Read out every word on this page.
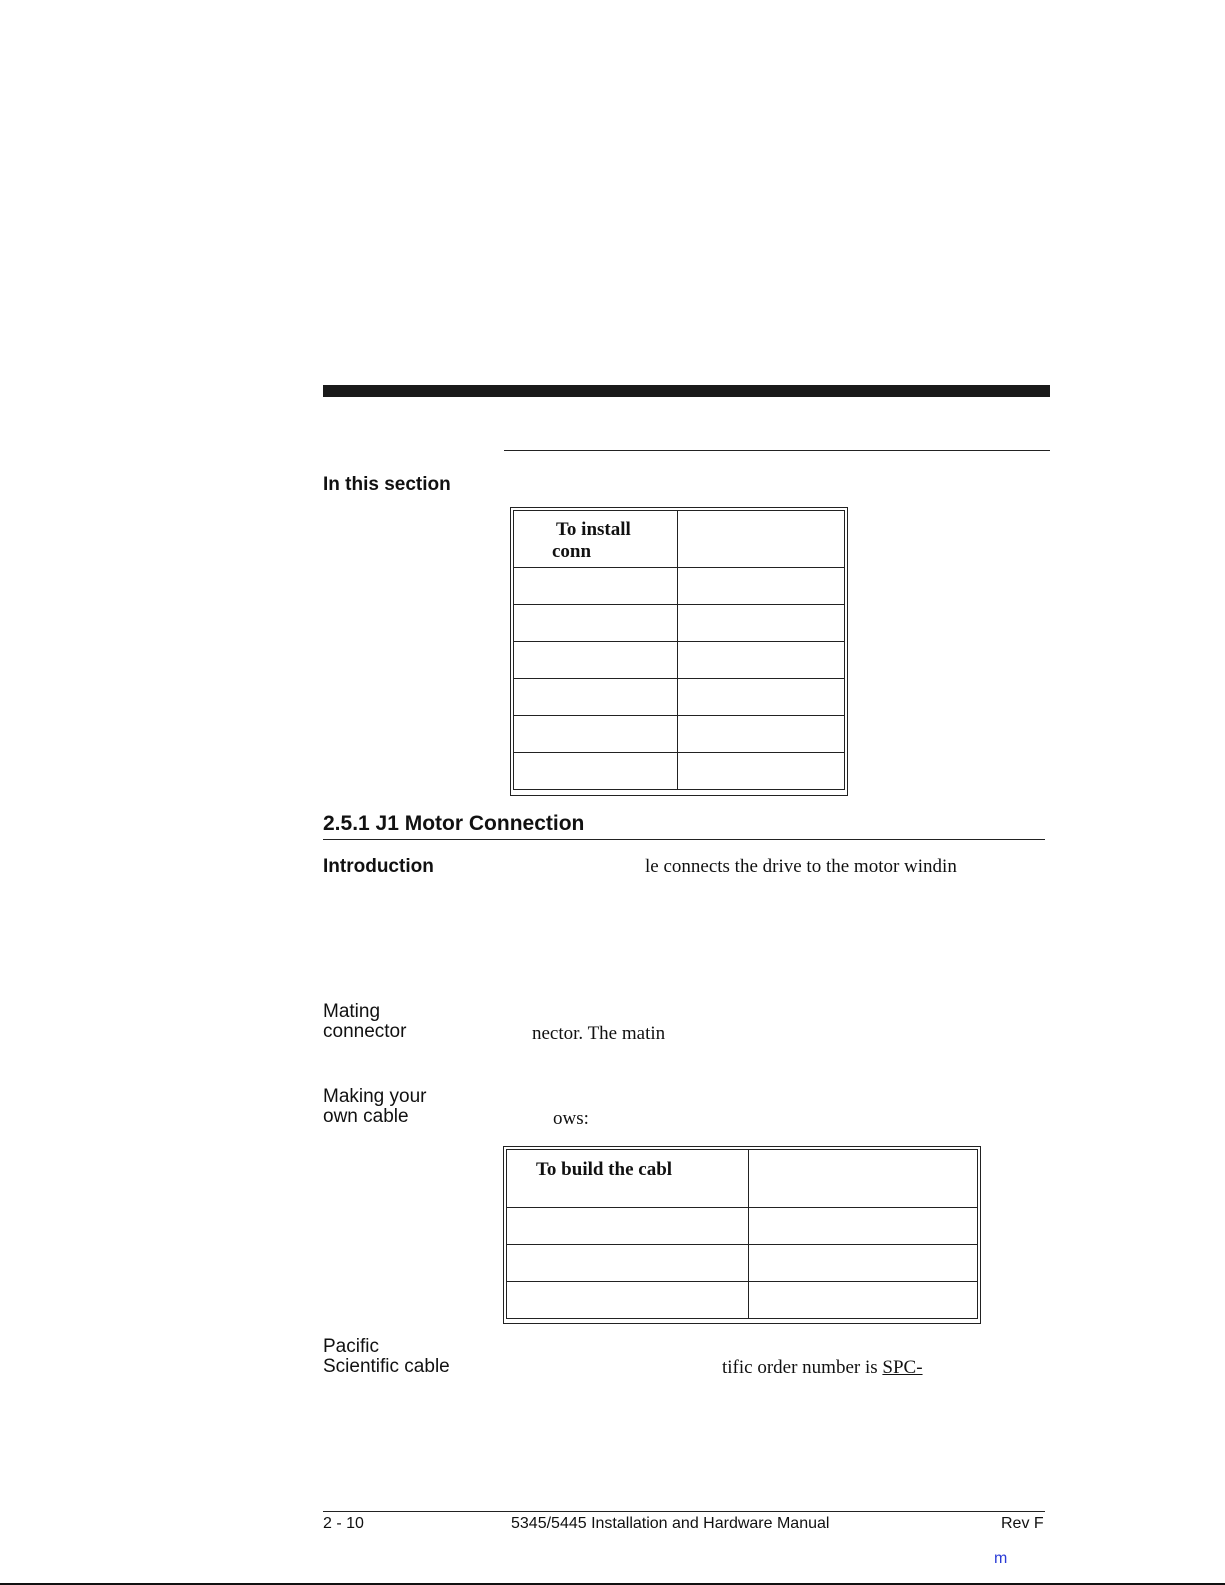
In this section
To install
conn	

2.5.1 J1 Motor Connection
Introduction	le connects the drive to the motor windin
Mating
connector	nector. The matin
Making your
own cable	ows:
To build the cabl	

Pacific
Scientific cable	tific order number is SPC-
2 - 10	5345/5445 Installation and Hardware Manual	Rev F
m
